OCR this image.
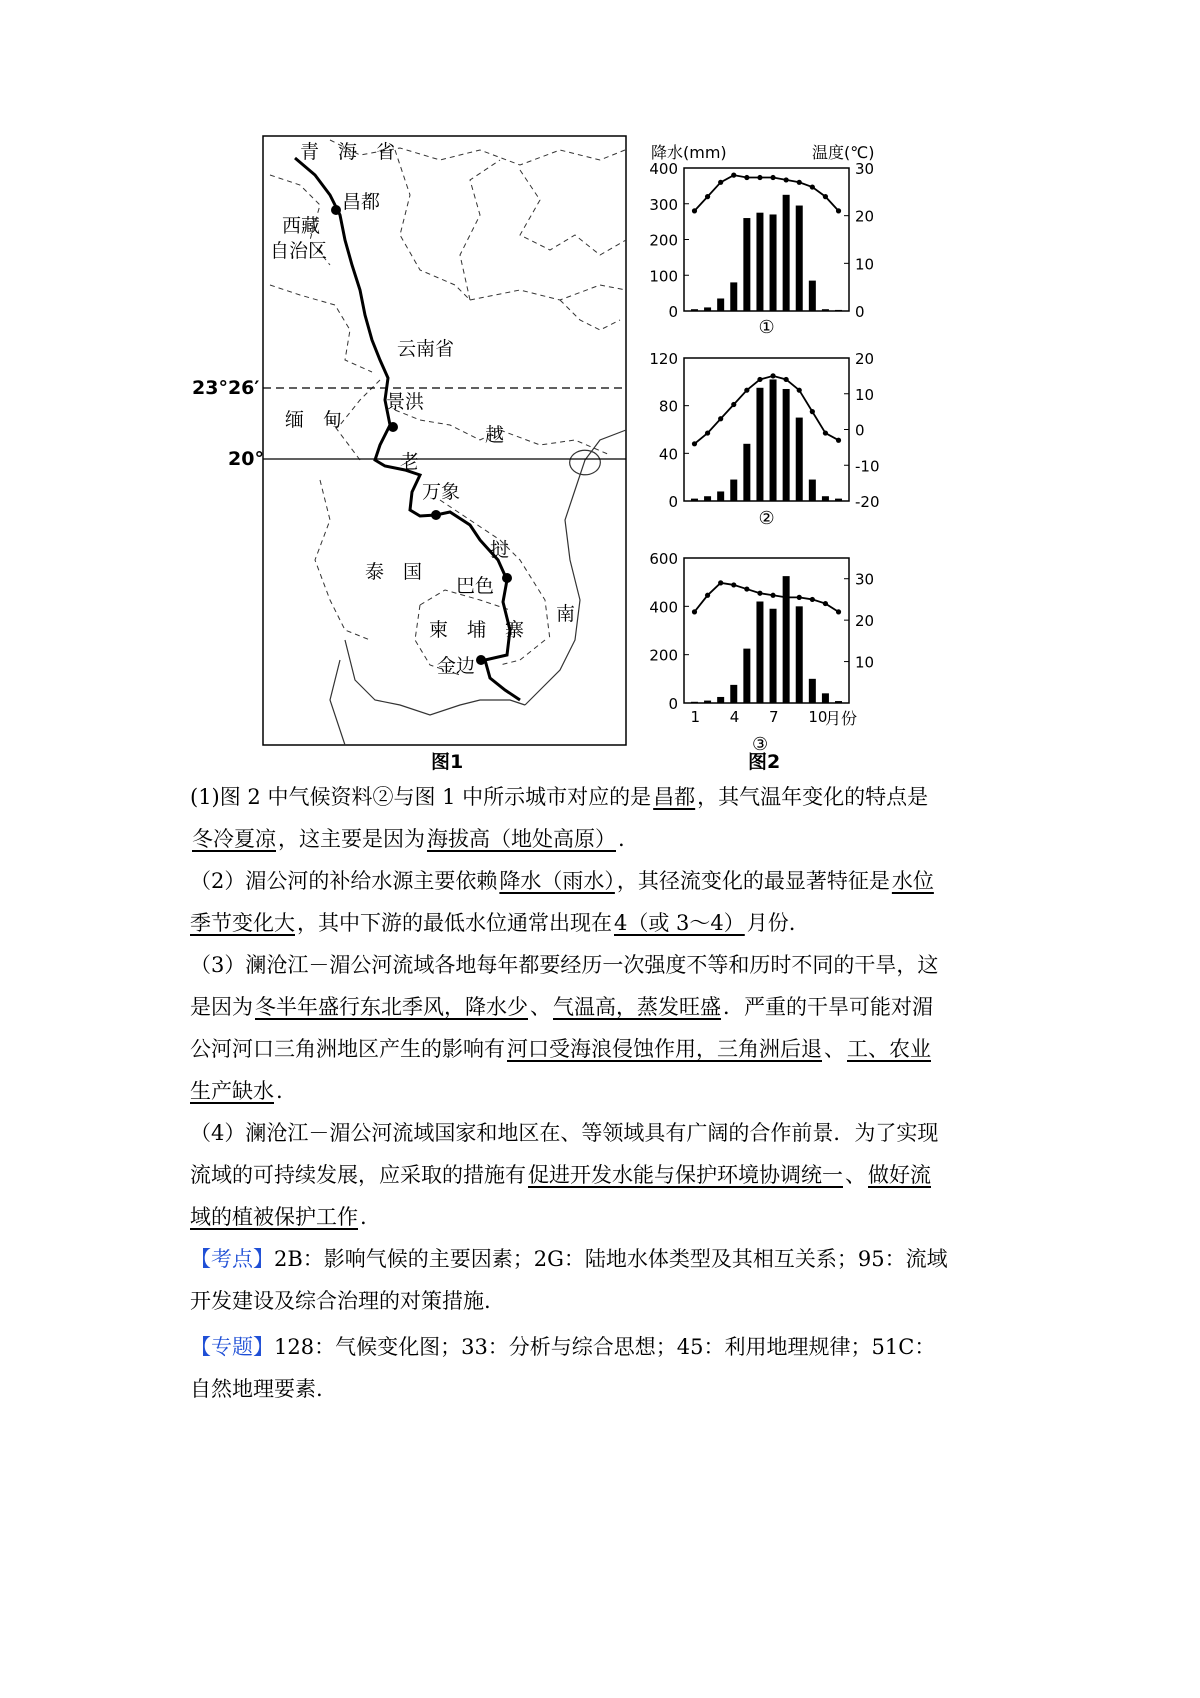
青　海　省
昌都
西藏
自治区
云南省
景洪
缅　甸
越
老
万象
挝
泰　国
巴色
柬　埔　寨
南
金边
23°26′
20°
图1
降水(mm)	温度(℃)
0
100
200
300
400
0
10
20
30
①
0
40
80
120
-20
-10
0
10
20
②
0
200
400
600
10
20
30
1 4 7 10
月份
③
图2
(1)图 2 中气候资料②与图 1 中所示城市对应的是昌都，其气温年变化的特点是冬冷夏凉，这主要是因为海拔高（地处高原）.
（2）湄公河的补给水源主要依赖降水（雨水），其径流变化的最显著特征是水位季节变化大，其中下游的最低水位通常出现在4（或 3～4）月份.
（3）澜沧江－湄公河流域各地每年都要经历一次强度不等和历时不同的干旱，这是因为冬半年盛行东北季风，降水少、气温高，蒸发旺盛．严重的干旱可能对湄公河河口三角洲地区产生的影响有河口受海浪侵蚀作用，三角洲后退、工、农业生产缺水.
（4）澜沧江－湄公河流域国家和地区在、等领域具有广阔的合作前景．为了实现流域的可持续发展，应采取的措施有促进开发水能与保护环境协调统一、做好流域的植被保护工作.
【考点】2B：影响气候的主要因素；2G：陆地水体类型及其相互关系；95：流域开发建设及综合治理的对策措施.
【专题】128：气候变化图；33：分析与综合思想；45：利用地理规律；51C：自然地理要素.
